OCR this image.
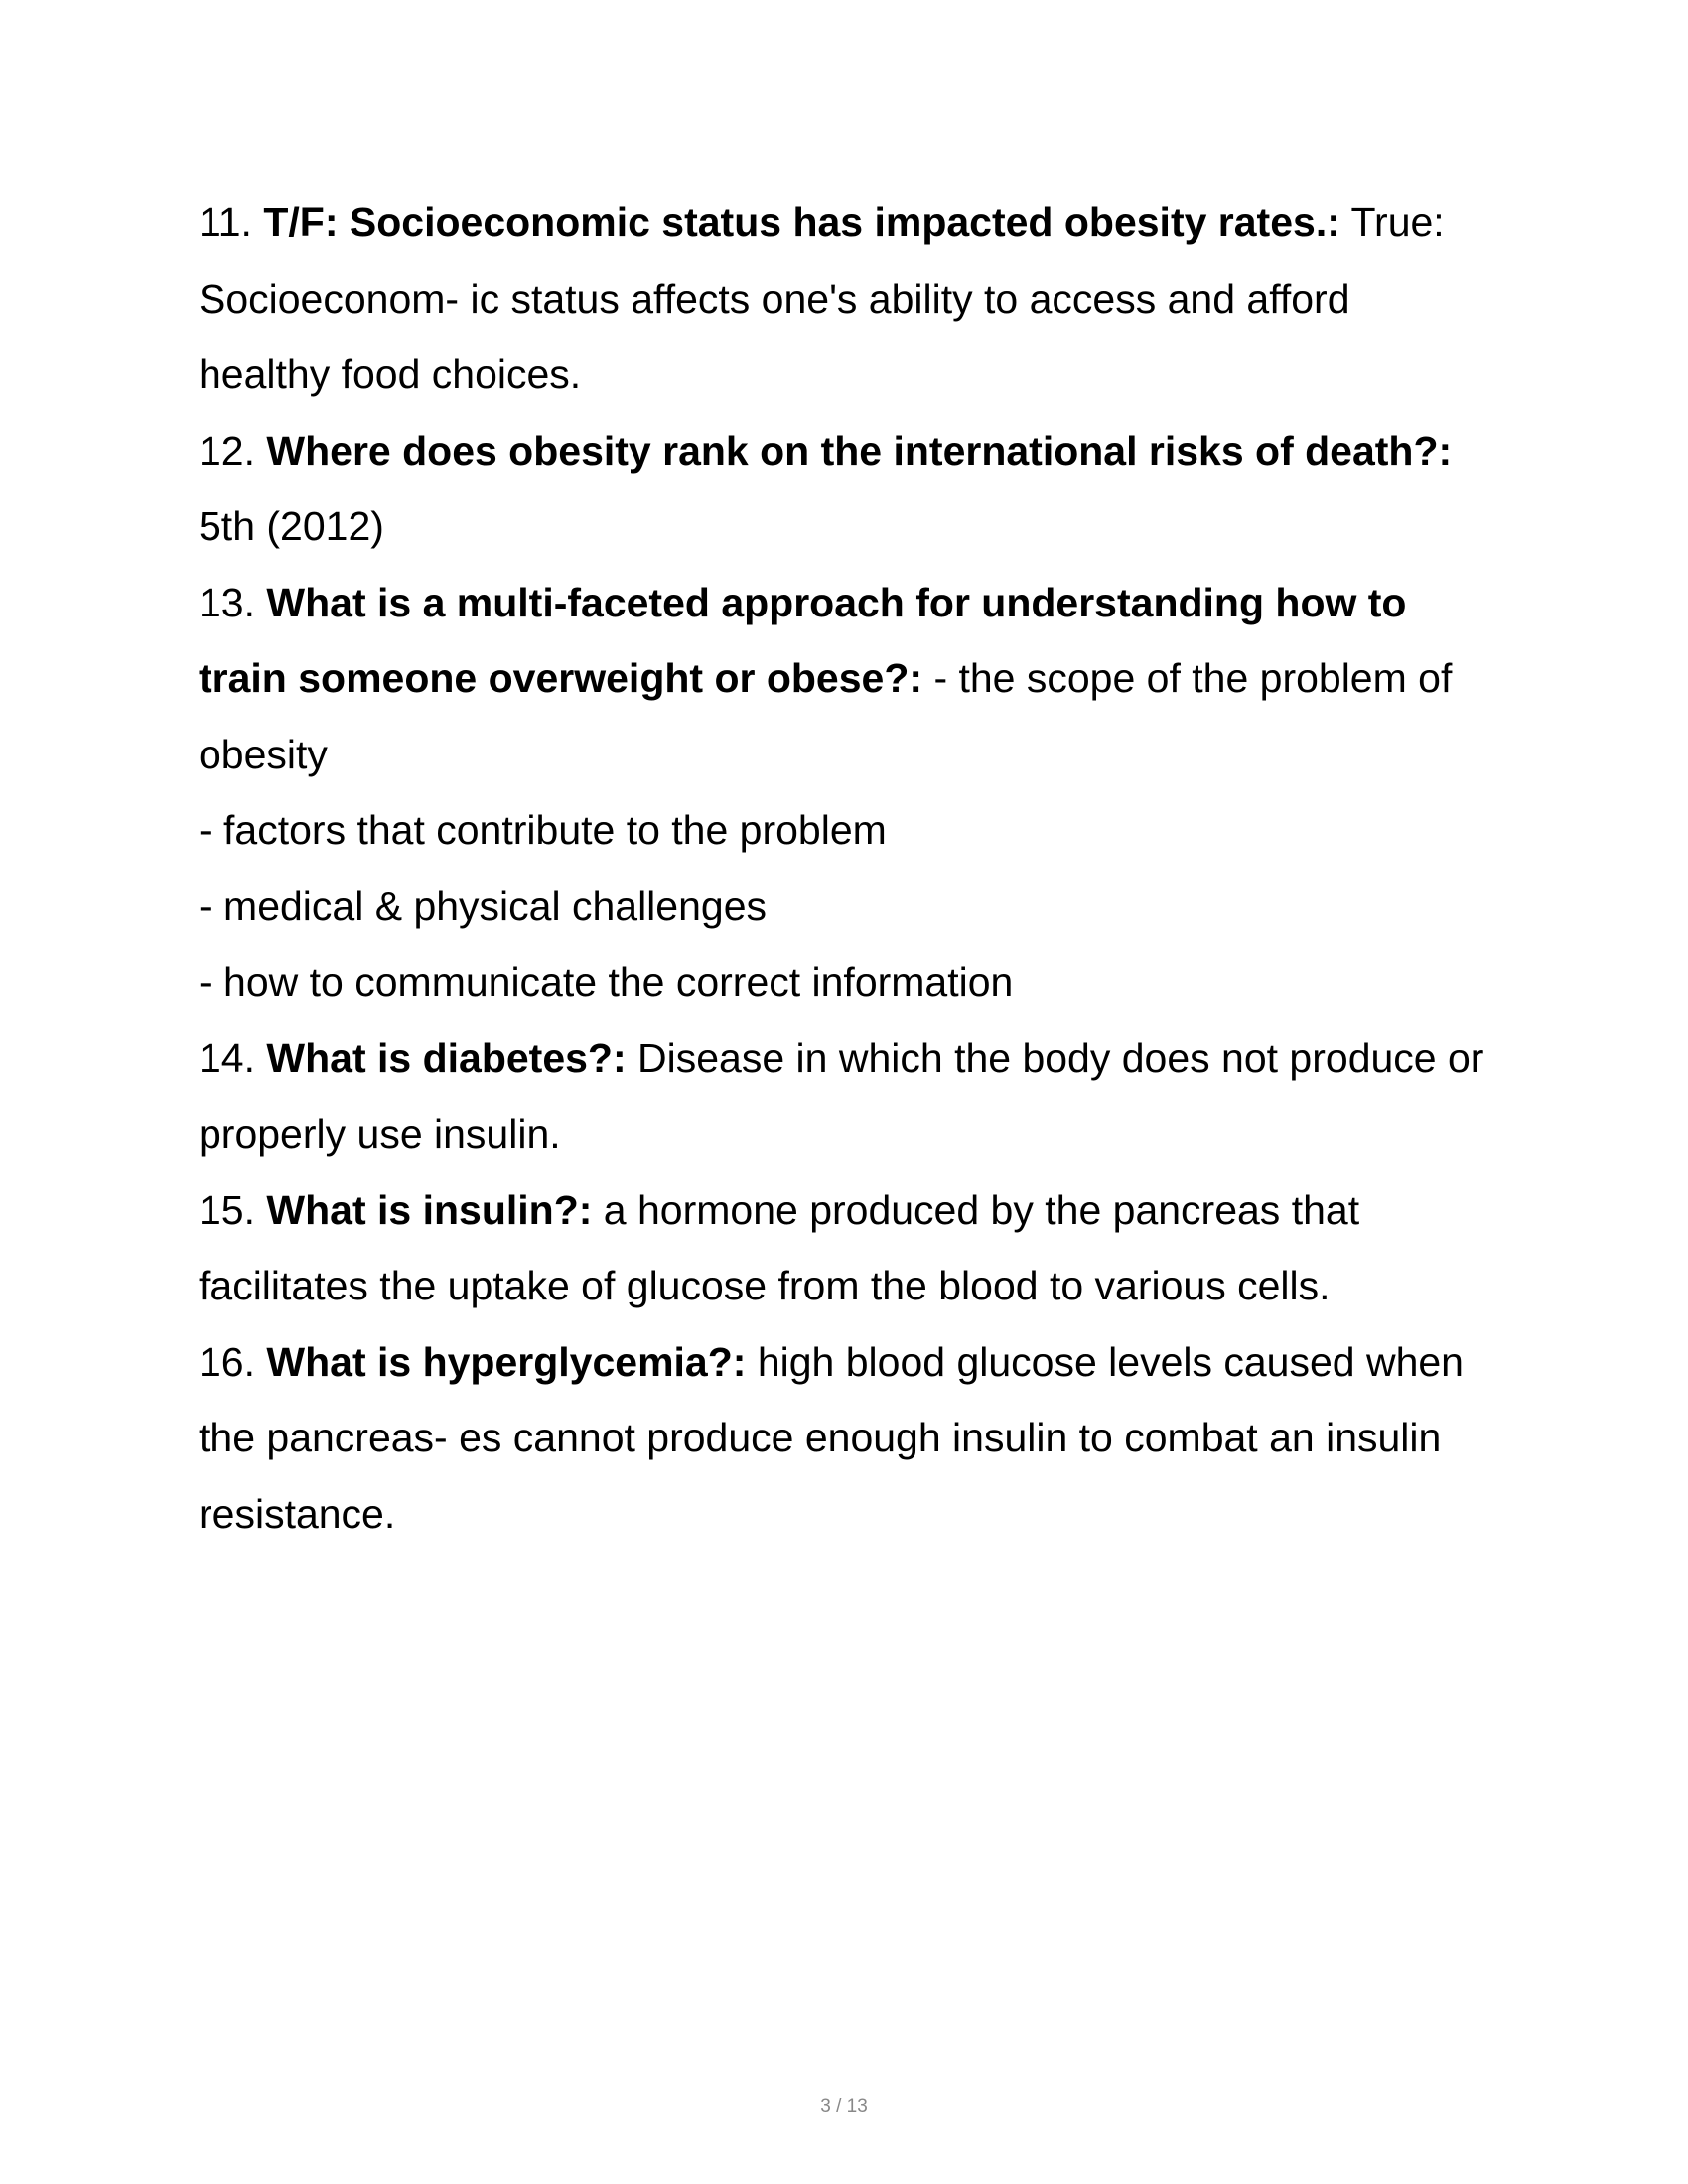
11. T/F: Socioeconomic status has impacted obesity rates.: True: Socioeconom- ic status affects one's ability to access and afford healthy food choices.

12. Where does obesity rank on the international risks of death?: 5th (2012)

13. What is a multi-faceted approach for understanding how to train someone overweight or obese?: - the scope of the problem of obesity

- factors that contribute to the problem

- medical & physical challenges

- how to communicate the correct information

14. What is diabetes?: Disease in which the body does not produce or properly use insulin.

15. What is insulin?: a hormone produced by the pancreas that facilitates the uptake of glucose from the blood to various cells.

16. What is hyperglycemia?: high blood glucose levels caused when the pancreas- es cannot produce enough insulin to combat an insulin resistance.

3 / 13
